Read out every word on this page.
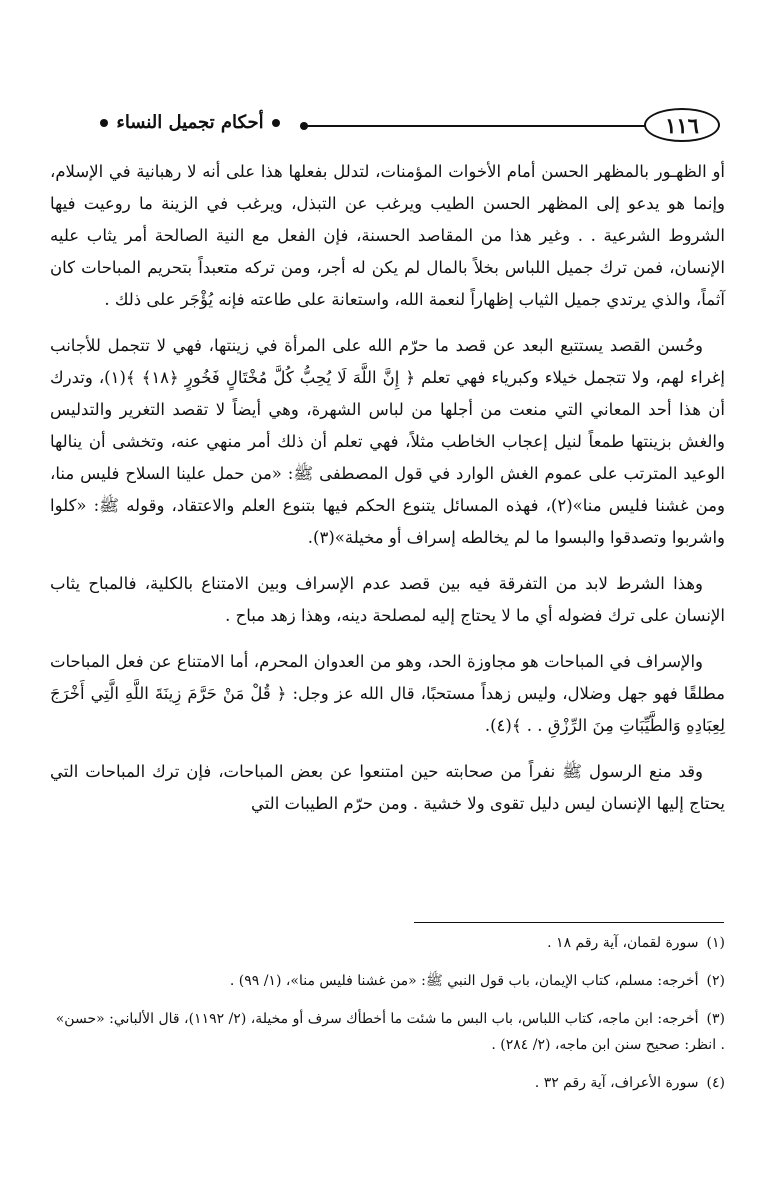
أحكام تجميل النساء	١١٦

أو الظهـور بالمظهر الحسن أمام الأخوات المؤمنات، لتدلل بفعلها هذا على أنه لا رهبانية في الإسلام، وإنما هو يدعو إلى المظهر الحسن الطيب ويرغب عن التبذل، ويرغب في الزينة ما روعيت فيها الشروط الشرعية . . وغير هذا من المقاصد الحسنة، فإن الفعل مع النية الصالحة أمر يثاب عليه الإنسان، فمن ترك جميل اللباس بخلاً بالمال لم يكن له أجر، ومن تركه متعبداً بتحريم المباحات كان آثماً، والذي يرتدي جميل الثياب إظهاراً لنعمة الله، واستعانة على طاعته فإنه يُؤْجَر على ذلك .

وحُسن القصد يستتبع البعد عن قصد ما حرّم الله على المرأة في زينتها، فهي لا تتجمل للأجانب إغراء لهم، ولا تتجمل خيلاء وكبرياء فهي تعلم ﴿ إِنَّ اللَّهَ لَا يُحِبُّ كُلَّ مُخْتَالٍ فَخُورٍ ﴿١٨﴾ ﴾(١)، وتدرك أن هذا أحد المعاني التي منعت من أجلها من لباس الشهرة، وهي أيضاً لا تقصد التغرير والتدليس والغش بزينتها طمعاً لنيل إعجاب الخاطب مثلاً، فهي تعلم أن ذلك أمر منهي عنه، وتخشى أن ينالها الوعيد المترتب على عموم الغش الوارد في قول المصطفى ﷺ: «من حمل علينا السلاح فليس منا، ومن غشنا فليس منا»(٢)، فهذه المسائل يتنوع الحكم فيها بتنوع العلم والاعتقاد، وقوله ﷺ: «كلوا واشربوا وتصدقوا والبسوا ما لم يخالطه إسراف أو مخيلة»(٣).

وهذا الشرط لابد من التفرقة فيه بين قصد عدم الإسراف وبين الامتناع بالكلية، فالمباح يثاب الإنسان على ترك فضوله أي ما لا يحتاج إليه لمصلحة دينه، وهذا زهد مباح .

والإسراف في المباحات هو مجاوزة الحد، وهو من العدوان المحرم، أما الامتناع عن فعل المباحات مطلقًا فهو جهل وضلال، وليس زهداً مستحبًا، قال الله عز وجل: ﴿ قُلْ مَنْ حَرَّمَ زِينَةَ اللَّهِ الَّتِي أَخْرَجَ لِعِبَادِهِ وَالطَّيِّبَاتِ مِنَ الرِّزْقِ . . ﴾(٤).

وقد منع الرسول ﷺ نفراً من صحابته حين امتنعوا عن بعض المباحات، فإن ترك المباحات التي يحتاج إليها الإنسان ليس دليل تقوى ولا خشية . ومن حرّم الطيبات التي

(١)سورة لقمان، آية رقم ١٨ .
(٢)أخرجه: مسلم، كتاب الإيمان، باب قول النبي ﷺ: «من غشنا فليس منا»، (١/ ٩٩) .
(٣)أخرجه: ابن ماجه، كتاب اللباس، باب البس ما شئت ما أخطأك سرف أو مخيلة، (٢/ ١١٩٢)، قال الألباني: «حسن» . انظر: صحيح سنن ابن ماجه، (٢/ ٢٨٤) .
(٤)سورة الأعراف، آية رقم ٣٢ .
